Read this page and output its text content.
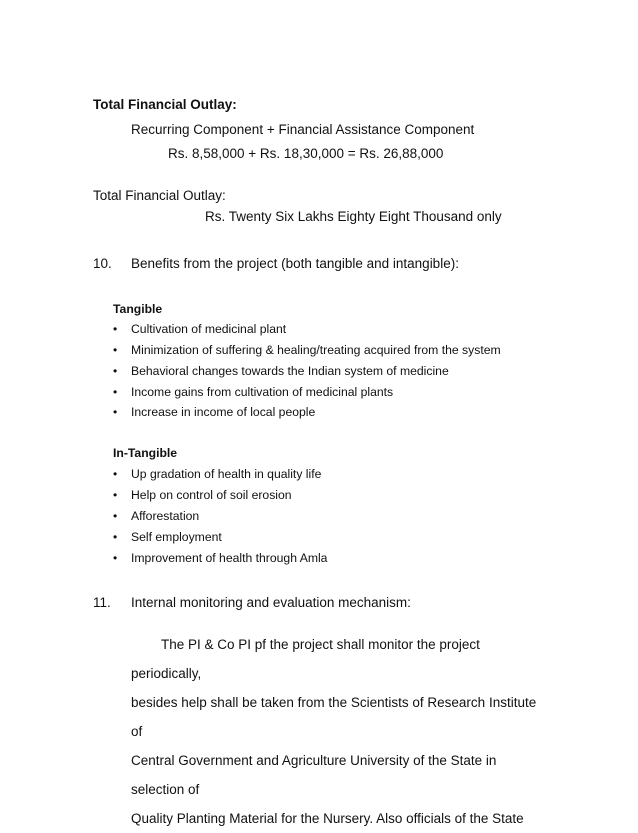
Total Financial Outlay:
Recurring Component + Financial Assistance Component
Rs. 8,58,000 + Rs. 18,30,000 = Rs. 26,88,000
Total Financial Outlay:
Rs. Twenty Six Lakhs Eighty Eight Thousand only
10. Benefits from the project (both tangible and intangible):
Tangible
• Cultivation of medicinal plant
• Minimization of suffering & healing/treating acquired from the system
• Behavioral changes towards the Indian system of medicine
• Income gains from cultivation of medicinal plants
• Increase in income of local people
In-Tangible
• Up gradation of health in quality life
• Help on control of soil erosion
• Afforestation
• Self employment
• Improvement of health through Amla
11. Internal monitoring and evaluation mechanism:
The PI & Co PI pf the project shall monitor the project periodically,
besides help shall be taken from the Scientists of Research Institute of
Central Government and Agriculture University of the State in selection of
Quality Planting Material for the Nursery. Also officials of the State
